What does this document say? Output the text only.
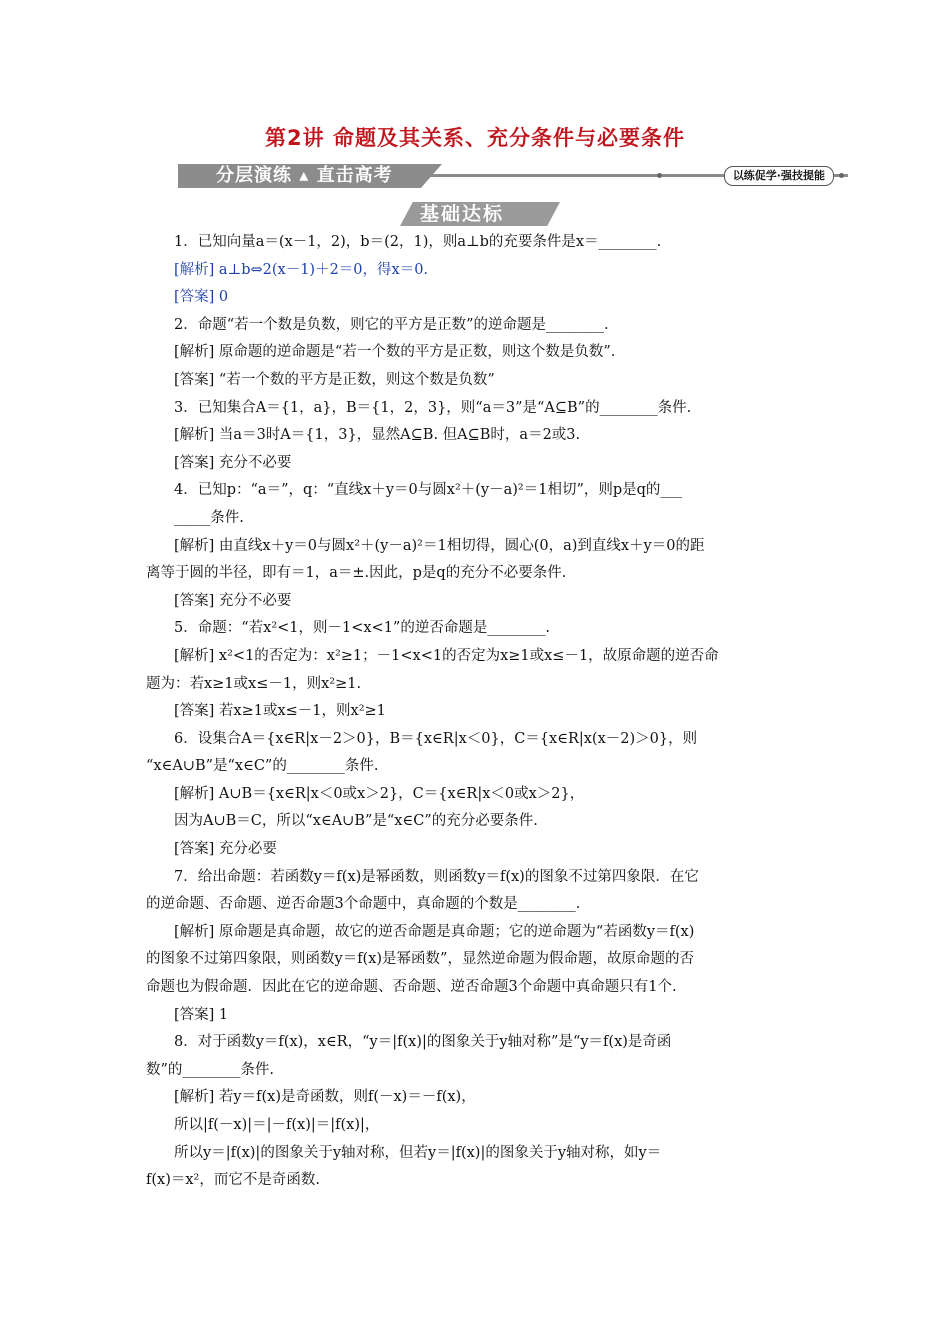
第2讲 命题及其关系、充分条件与必要条件
分层演练 ▴ 直击高考	以练促学·强技提能
基础达标
1．已知向量a＝(x－1，2)，b＝(2，1)，则a⊥b的充要条件是x＝________.
[解析] a⊥b⇔2(x－1)＋2＝0，得x＝0.
[答案] 0
2．命题“若一个数是负数，则它的平方是正数”的逆命题是________.
[解析] 原命题的逆命题是“若一个数的平方是正数，则这个数是负数”.
[答案] “若一个数的平方是正数，则这个数是负数”
3．已知集合A＝{1，a}，B＝{1，2，3}，则“a＝3”是“A⊆B”的________条件.
[解析] 当a＝3时A＝{1，3}，显然A⊆B. 但A⊆B时，a＝2或3.
[答案] 充分不必要
4．已知p：“a＝”，q：“直线x＋y＝0与圆x²＋(y－a)²＝1相切”，则p是q的___
_____条件.
[解析] 由直线x＋y＝0与圆x²＋(y－a)²＝1相切得，圆心(0，a)到直线x＋y＝0的距
离等于圆的半径，即有＝1，a＝±.因此，p是q的充分不必要条件.
[答案] 充分不必要
5．命题：“若x²<1，则－1<x<1”的逆否命题是________.
[解析] x²<1的否定为：x²≥1；－1<x<1的否定为x≥1或x≤－1，故原命题的逆否命
题为：若x≥1或x≤－1，则x²≥1.
[答案] 若x≥1或x≤－1，则x²≥1
6．设集合A＝{x∈R|x－2＞0}，B＝{x∈R|x＜0}，C＝{x∈R|x(x－2)＞0}，则
“x∈A∪B”是“x∈C”的________条件.
[解析] A∪B＝{x∈R|x＜0或x＞2}，C＝{x∈R|x＜0或x＞2}，
因为A∪B＝C，所以“x∈A∪B”是“x∈C”的充分必要条件.
[答案] 充分必要
7．给出命题：若函数y＝f(x)是幂函数，则函数y＝f(x)的图象不过第四象限．在它
的逆命题、否命题、逆否命题3个命题中，真命题的个数是________.
[解析] 原命题是真命题，故它的逆否命题是真命题；它的逆命题为“若函数y＝f(x)
的图象不过第四象限，则函数y＝f(x)是幂函数”，显然逆命题为假命题，故原命题的否
命题也为假命题．因此在它的逆命题、否命题、逆否命题3个命题中真命题只有1个.
[答案] 1
8．对于函数y＝f(x)，x∈R，“y＝|f(x)|的图象关于y轴对称”是“y＝f(x)是奇函
数”的________条件.
[解析] 若y＝f(x)是奇函数，则f(－x)＝－f(x)，
所以|f(－x)|＝|－f(x)|＝|f(x)|，
所以y＝|f(x)|的图象关于y轴对称，但若y＝|f(x)|的图象关于y轴对称，如y＝
f(x)＝x²，而它不是奇函数.
